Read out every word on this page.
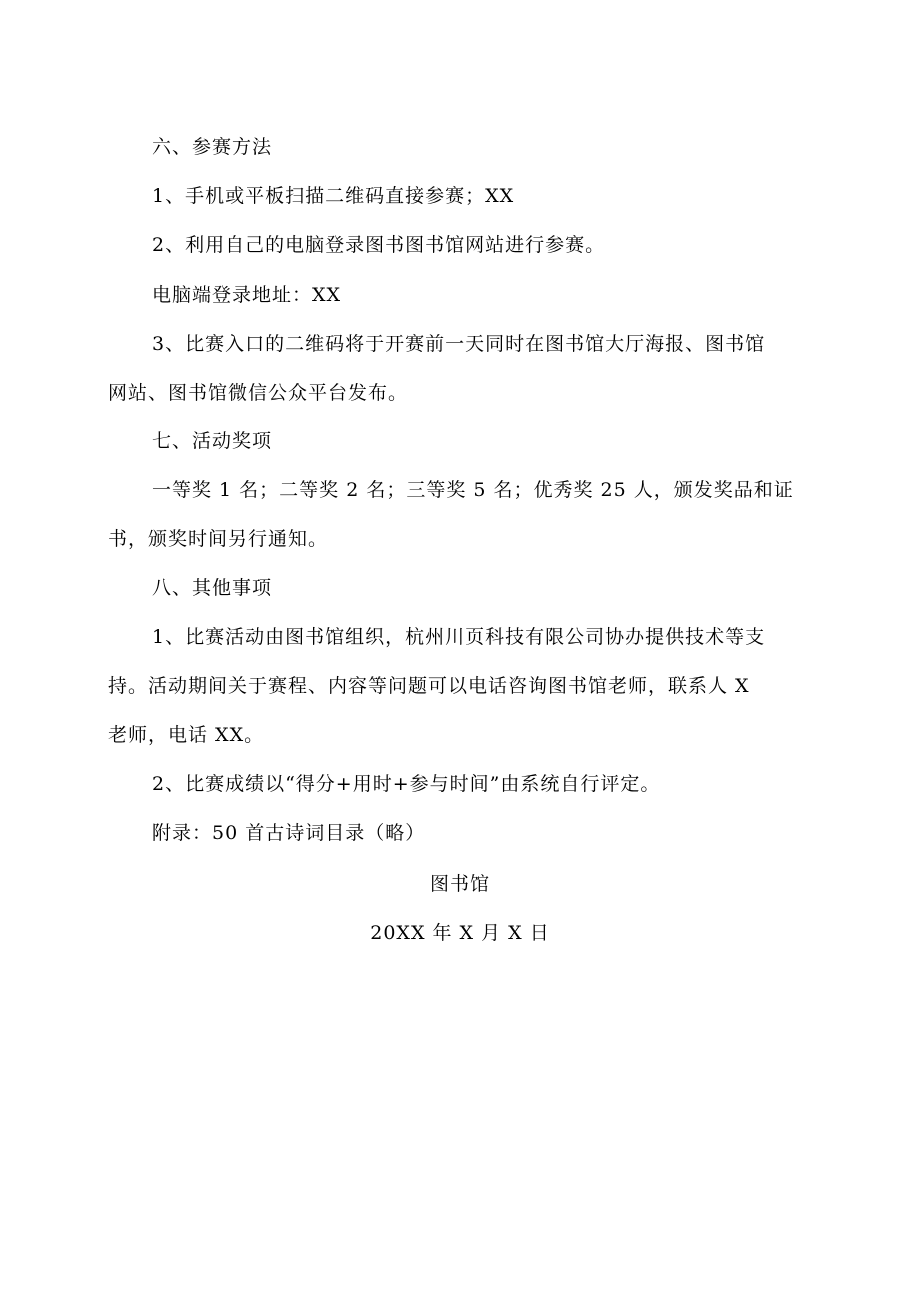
六、参赛方法
1、手机或平板扫描二维码直接参赛；XX
2、利用自己的电脑登录图书图书馆网站进行参赛。
电脑端登录地址：XX
3、比赛入口的二维码将于开赛前一天同时在图书馆大厅海报、图书馆
网站、图书馆微信公众平台发布。
七、活动奖项
一等奖 1 名；二等奖 2 名；三等奖 5 名；优秀奖 25 人，颁发奖品和证
书，颁奖时间另行通知。
八、其他事项
1、比赛活动由图书馆组织，杭州川页科技有限公司协办提供技术等支
持。活动期间关于赛程、内容等问题可以电话咨询图书馆老师，联系人 X
老师，电话 XX。
2、比赛成绩以“得分+用时+参与时间”由系统自行评定。
附录：50 首古诗词目录（略）
图书馆
20XX 年 X 月 X 日
